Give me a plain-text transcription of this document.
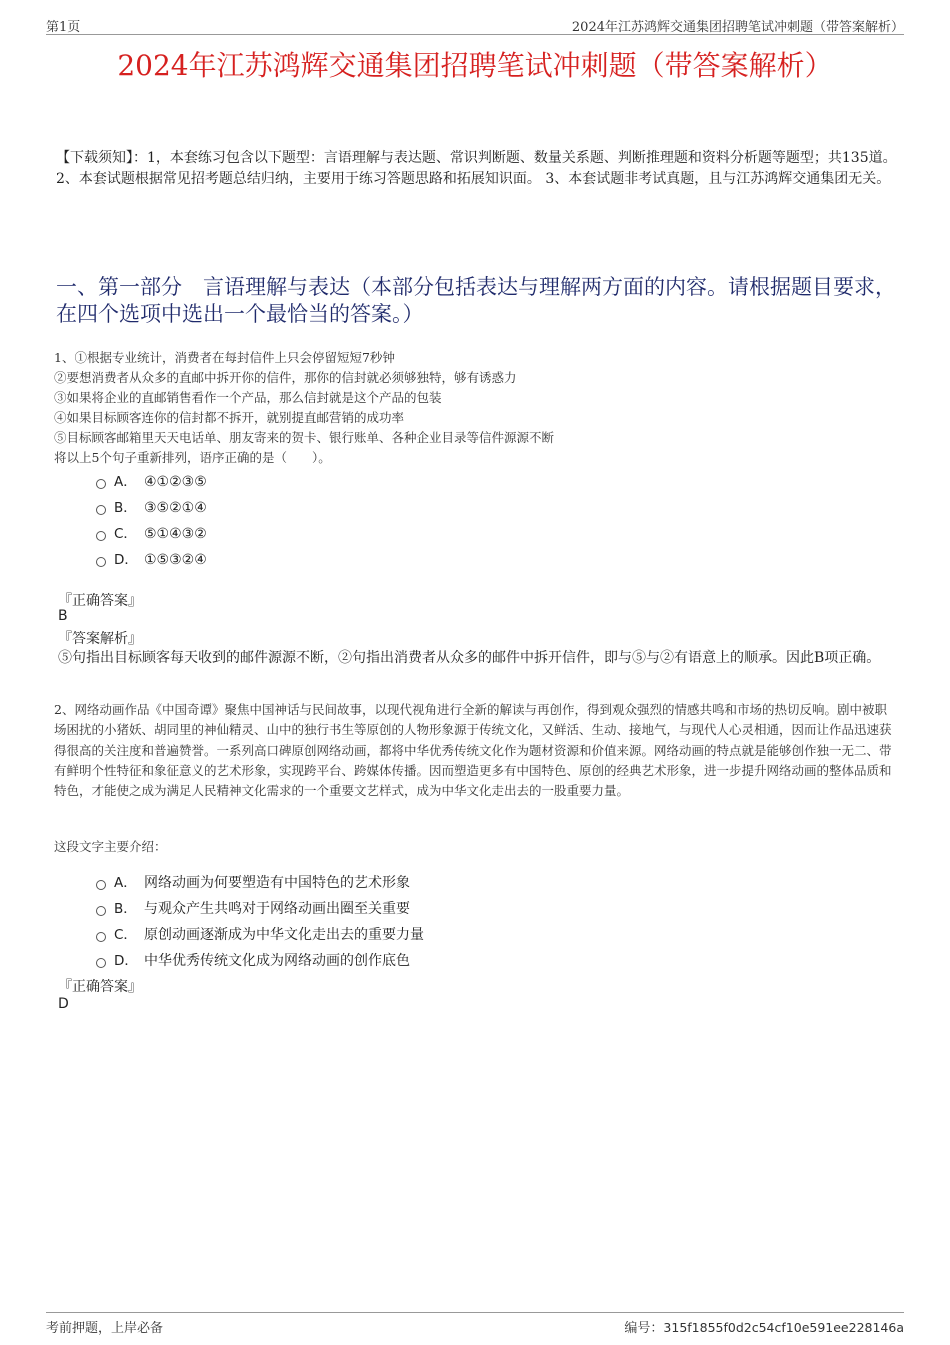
第1页	2024年江苏鸿辉交通集团招聘笔试冲刺题（带答案解析）
2024年江苏鸿辉交通集团招聘笔试冲刺题（带答案解析）
【下载须知】：1，本套练习包含以下题型：言语理解与表达题、常识判断题、数量关系题、判断推理题和资料分析题等题型；共135道。 2、本套试题根据常见招考题总结归纳，主要用于练习答题思路和拓展知识面。 3、本套试题非考试真题，且与江苏鸿辉交通集团无关。
一、第一部分　言语理解与表达（本部分包括表达与理解两方面的内容。请根据题目要求，在四个选项中选出一个最恰当的答案。）
1、①根据专业统计，消费者在每封信件上只会停留短短7秒钟
②要想消费者从众多的直邮中拆开你的信件，那你的信封就必须够独特，够有诱惑力
③如果将企业的直邮销售看作一个产品，那么信封就是这个产品的包装
④如果目标顾客连你的信封都不拆开，就别提直邮营销的成功率
⑤目标顾客邮箱里天天电话单、朋友寄来的贺卡、银行账单、各种企业目录等信件源源不断
将以上5个句子重新排列，语序正确的是（　　）。
A． ④①②③⑤
B． ③⑤②①④
C． ⑤①④③②
D． ①⑤③②④
『正确答案』
B
『答案解析』
⑤句指出目标顾客每天收到的邮件源源不断，②句指出消费者从众多的邮件中拆开信件，即与⑤与②有语意上的顺承。因此B项正确。
2、网络动画作品《中国奇谭》聚焦中国神话与民间故事，以现代视角进行全新的解读与再创作，得到观众强烈的情感共鸣和市场的热切反响。剧中被职场困扰的小猪妖、胡同里的神仙精灵、山中的独行书生等原创的人物形象源于传统文化，又鲜活、生动、接地气，与现代人心灵相通，因而让作品迅速获得很高的关注度和普遍赞誉。一系列高口碑原创网络动画，都将中华优秀传统文化作为题材资源和价值来源。网络动画的特点就是能够创作独一无二、带有鲜明个性特征和象征意义的艺术形象，实现跨平台、跨媒体传播。因而塑造更多有中国特色、原创的经典艺术形象，进一步提升网络动画的整体品质和特色，才能使之成为满足人民精神文化需求的一个重要文艺样式，成为中华文化走出去的一股重要力量。
这段文字主要介绍：
A． 网络动画为何要塑造有中国特色的艺术形象
B． 与观众产生共鸣对于网络动画出圈至关重要
C． 原创动画逐渐成为中华文化走出去的重要力量
D． 中华优秀传统文化成为网络动画的创作底色
『正确答案』
D
考前押题，上岸必备	编号：315f1855f0d2c54cf10e591ee228146a
